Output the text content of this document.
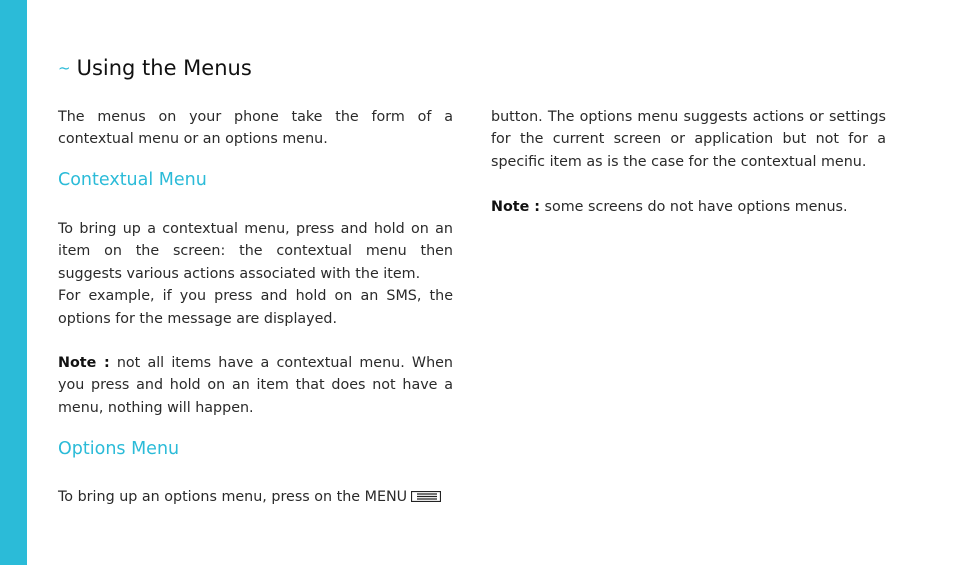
~ Using the Menus

The menus on your phone take the form of a contextual menu or an options menu.

Contextual Menu

To bring up a contextual menu, press and hold on an item on the screen: the contextual menu then suggests various actions associated with the item.
For example, if you press and hold on an SMS, the options for the message are displayed.

Note : not all items have a contextual menu. When you press and hold on an item that does not have a menu, nothing will happen.

Options Menu

To bring up an options menu, press on the MENU

button. The options menu suggests actions or settings for the current screen or application but not for a specific item as is the case for the contextual menu.

Note : some screens do not have options menus.
